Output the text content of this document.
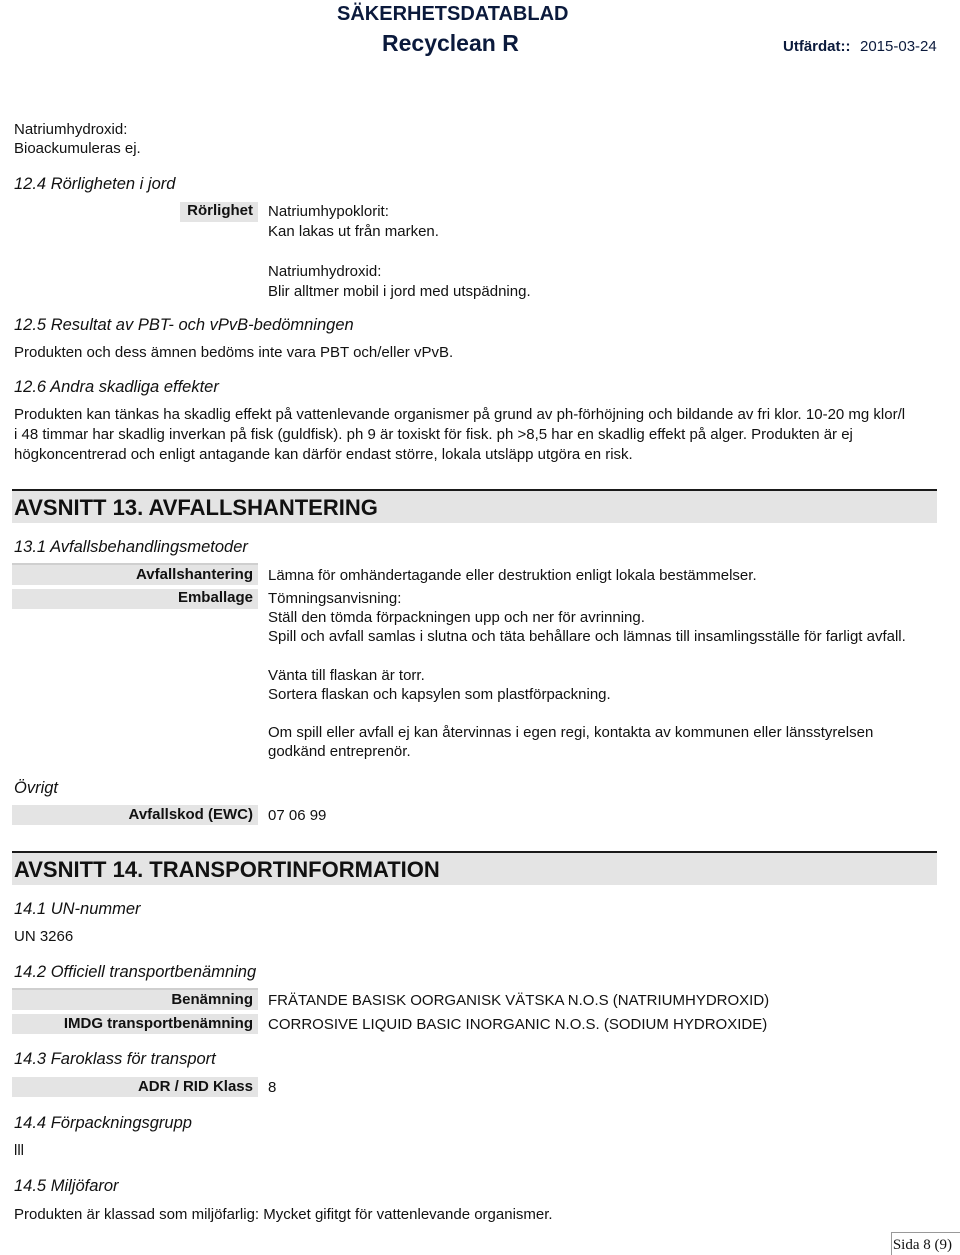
SÄKERHETSDATABLAD
Recyclean R	Utfärdat:: 2015-03-24
Natriumhydroxid:
Bioackumuleras ej.
12.4 Rörligheten i jord
Rörlighet Natriumhypoklorit:
Kan lakas ut från marken.
Natriumhydroxid:
Blir alltmer mobil i jord med utspädning.
12.5 Resultat av PBT- och vPvB-bedömningen
Produkten och dess ämnen bedöms inte vara PBT och/eller vPvB.
12.6 Andra skadliga effekter
Produkten kan tänkas ha skadlig effekt på vattenlevande organismer på grund av ph-förhöjning och bildande av fri klor. 10-20 mg klor/l
i 48 timmar har skadlig inverkan på fisk (guldfisk). ph 9 är toxiskt för fisk. ph >8,5 har en skadlig effekt på alger. Produkten är ej
högkoncentrerad och enligt antagande kan därför endast större, lokala utsläpp utgöra en risk.
AVSNITT 13. AVFALLSHANTERING
13.1 Avfallsbehandlingsmetoder
Avfallshantering Lämna för omhändertagande eller destruktion enligt lokala bestämmelser.
Emballage Tömningsanvisning:
Ställ den tömda förpackningen upp och ner för avrinning.
Spill och avfall samlas i slutna och täta behållare och lämnas till insamlingsställe för farligt avfall.
Vänta till flaskan är torr.
Sortera flaskan och kapsylen som plastförpackning.
Om spill eller avfall ej kan återvinnas i egen regi, kontakta av kommunen eller länsstyrelsen
godkänd entreprenör.
Övrigt
Avfallskod (EWC) 07 06 99
AVSNITT 14. TRANSPORTINFORMATION
14.1 UN-nummer
UN 3266
14.2 Officiell transportbenämning
Benämning FRÄTANDE BASISK OORGANISK VÄTSKA N.O.S (NATRIUMHYDROXID)
IMDG transportbenämning CORROSIVE LIQUID BASIC INORGANIC N.O.S. (SODIUM HYDROXIDE)
14.3 Faroklass för transport
ADR / RID Klass 8
14.4 Förpackningsgrupp
lll
14.5 Miljöfaror
Produkten är klassad som miljöfarlig: Mycket gifitgt för vattenlevande organismer.
Sida 8 (9)
